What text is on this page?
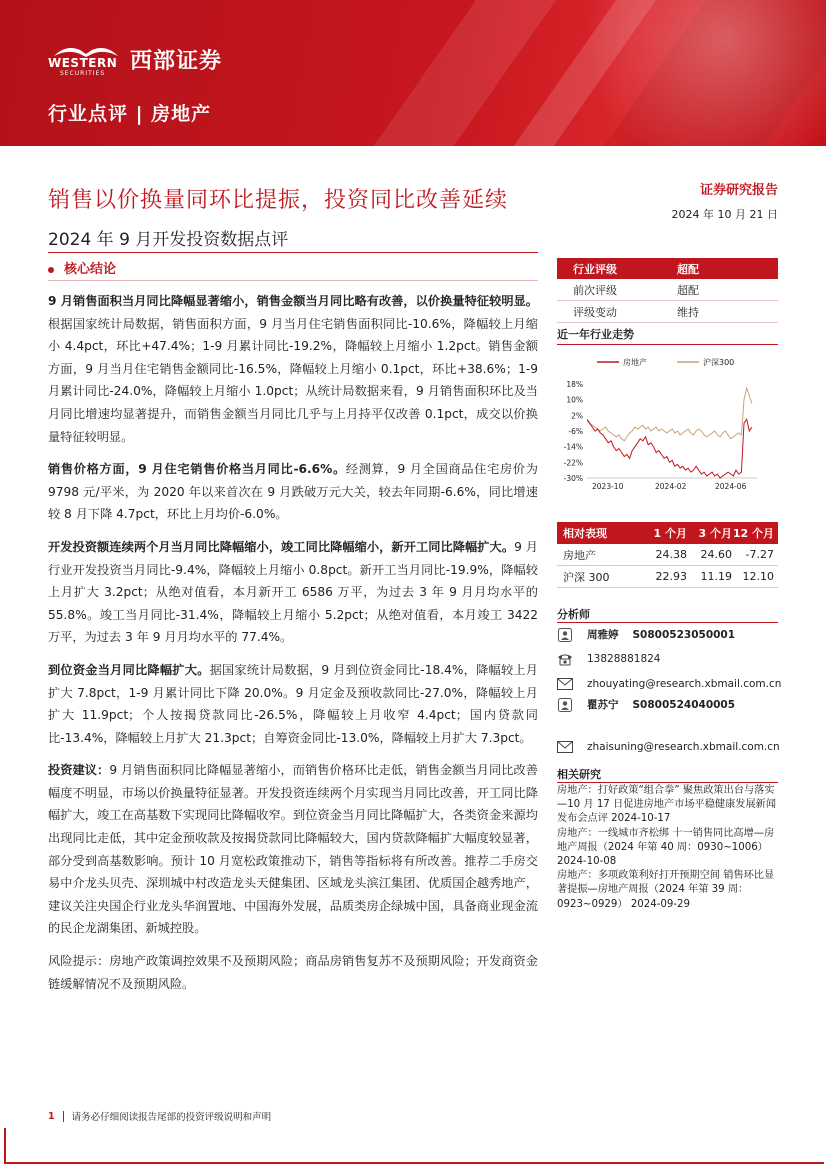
WESTERN
SECURITIES 西部证券
行业点评 | 房地产
销售以价换量同环比提振，投资同比改善延续
2024 年 9 月开发投资数据点评
证券研究报告
2024 年 10 月 21 日
核心结论

9 月销售面积当月同比降幅显著缩小，销售金额当月同比略有改善，以价换量特征较明显。根据国家统计局数据，销售面积方面，9 月当月住宅销售面积同比-10.6%，降幅较上月缩小 4.4pct，环比+47.4%；1-9 月累计同比-19.2%，降幅较上月缩小 1.2pct。销售金额方面，9 月当月住宅销售金额同比-16.5%，降幅较上月缩小 0.1pct，环比+38.6%；1-9 月累计同比-24.0%，降幅较上月缩小 1.0pct；从统计局数据来看，9 月销售面积环比及当月同比增速均显著提升，而销售金额当月同比几乎与上月持平仅改善 0.1pct，成交以价换量特征较明显。

销售价格方面，9 月住宅销售价格当月同比-6.6%。经测算，9 月全国商品住宅房价为 9798 元/平米，为 2020 年以来首次在 9 月跌破万元大关，较去年同期-6.6%，同比增速较 8 月下降 4.7pct，环比上月均价-6.0%。

开发投资额连续两个月当月同比降幅缩小，竣工同比降幅缩小，新开工同比降幅扩大。9 月行业开发投资当月同比-9.4%，降幅较上月缩小 0.8pct。新开工当月同比-19.9%，降幅较上月扩大 3.2pct；从绝对值看，本月新开工 6586 万平，为过去 3 年 9 月月均水平的 55.8%。竣工当月同比-31.4%，降幅较上月缩小 5.2pct；从绝对值看，本月竣工 3422 万平，为过去 3 年 9 月月均水平的 77.4%。

到位资金当月同比降幅扩大。据国家统计局数据，9 月到位资金同比-18.4%，降幅较上月扩大 7.8pct，1-9 月累计同比下降 20.0%。9 月定金及预收款同比-27.0%，降幅较上月扩大 11.9pct；个人按揭贷款同比-26.5%，降幅较上月收窄 4.4pct；国内贷款同比-13.4%，降幅较上月扩大 21.3pct；自筹资金同比-13.0%，降幅较上月扩大 7.3pct。

投资建议：9 月销售面积同比降幅显著缩小，而销售价格环比走低，销售金额当月同比改善幅度不明显，市场以价换量特征显著。开发投资连续两个月实现当月同比改善，开工同比降幅扩大，竣工在高基数下实现同比降幅收窄。到位资金当月同比降幅扩大，各类资金来源均出现同比走低，其中定金预收款及按揭贷款同比降幅较大，国内贷款降幅扩大幅度较显著，部分受到高基数影响。预计 10 月宽松政策推动下，销售等指标将有所改善。推荐二手房交易中介龙头贝壳、深圳城中村改造龙头天健集团、区域龙头滨江集团、优质国企越秀地产，建议关注央国企行业龙头华润置地、中国海外发展，品质类房企绿城中国，具备商业现金流的民企龙湖集团、新城控股。

风险提示：房地产政策调控效果不及预期风险；商品房销售复苏不及预期风险；开发商资金链缓解情况不及预期风险。

行业评级	超配
前次评级	超配
评级变动	维持
近一年行业走势
房地产	沪深300
18%
10%
2%
-6%
-14%
-22%
-30%
2023-10	2024-02	2024-06
相对表现	1 个月	3 个月 12 个月
房地产	24.38	24.60	-7.27
沪深 300	22.93	11.19 12.10
分析师
周雅婷 S0800523050001
13828881824
zhouyating@research.xbmail.com.cn
瞿苏宁 S0800524040005
zhaisuning@research.xbmail.com.cn
相关研究
房地产：打好政策“组合拳” 聚焦政策出台与落实 —10 月 17 日促进房地产市场平稳健康发展新闻发布会点评 2024-10-17
房地产：一线城市齐松绑 十一销售同比高增—房地产周报（2024 年第 40 周：0930~1006）2024-10-08
房地产：多项政策利好打开预期空间 销售环比显著提振—房地产周报（2024 年第 39 周：0923~0929） 2024-09-29
1 请务必仔细阅读报告尾部的投资评级说明和声明
